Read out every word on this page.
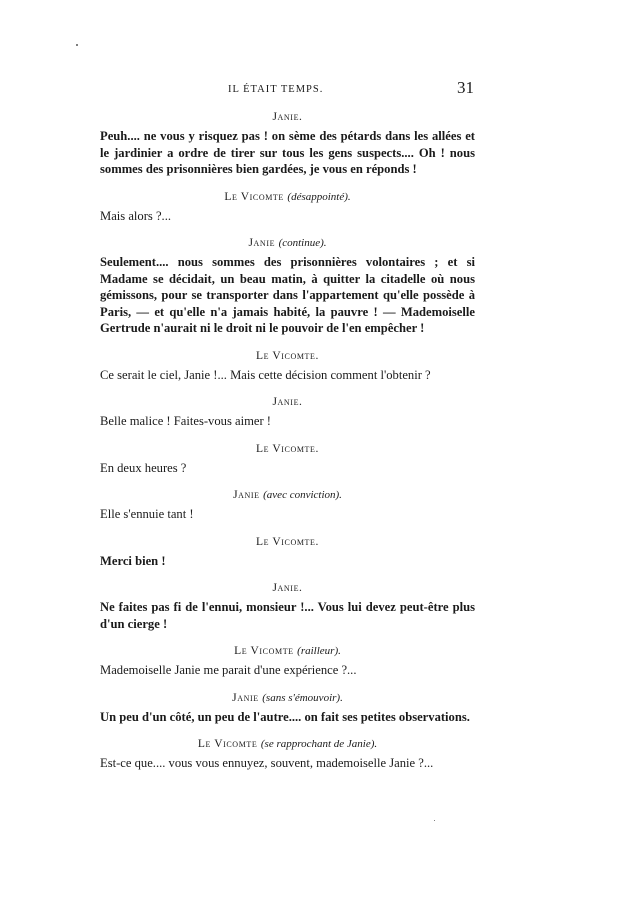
IL ÉTAIT TEMPS.	31
Janie.

Peuh.... ne vous y risquez pas ! on sème des pétards dans les allées et le jardinier a ordre de tirer sur tous les gens suspects.... Oh ! nous sommes des prisonnières bien gardées, je vous en réponds !

Le Vicomte (désappointé).

Mais alors ?...

Janie (continue).

Seulement.... nous sommes des prisonnières volontaires ; et si Madame se décidait, un beau matin, à quitter la citadelle où nous gémissons, pour se transporter dans l'appartement qu'elle possède à Paris, — et qu'elle n'a jamais habité, la pauvre ! — Mademoiselle Gertrude n'aurait ni le droit ni le pouvoir de l'en empêcher !

Le Vicomte.

Ce serait le ciel, Janie !... Mais cette décision comment l'obtenir ?

Janie.

Belle malice ! Faites-vous aimer !

Le Vicomte.

En deux heures ?

Janie (avec conviction).

Elle s'ennuie tant !

Le Vicomte.

Merci bien !

Janie.

Ne faites pas fi de l'ennui, monsieur !... Vous lui devez peut-être plus d'un cierge !

Le Vicomte (railleur).

Mademoiselle Janie me parait d'une expérience ?...

Janie (sans s'émouvoir).

Un peu d'un côté, un peu de l'autre.... on fait ses petites observations.

Le Vicomte (se rapprochant de Janie).

Est-ce que.... vous vous ennuyez, souvent, mademoiselle Janie ?...
